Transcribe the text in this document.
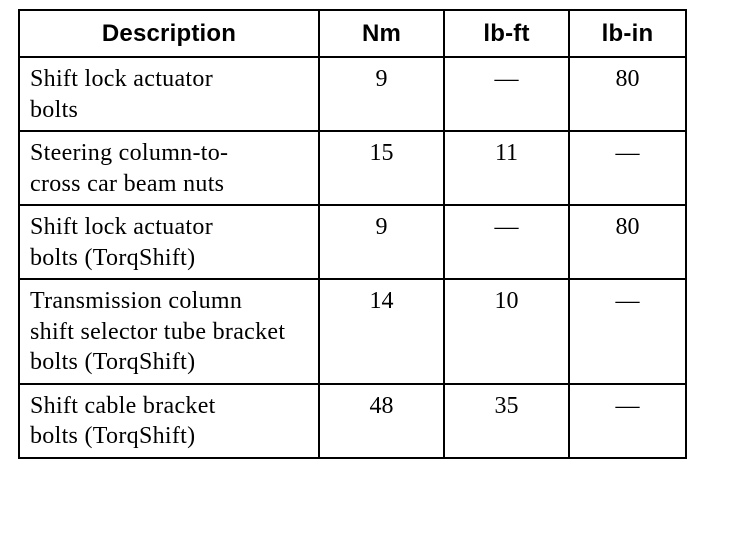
Description	Nm	lb-ft	lb-in

Shift lock actuator bolts	9	—	80

Steering column-to-cross car beam nuts	15	11	—

Shift lock actuator bolts (TorqShift)	9	—	80

Transmission column shift selector tube bracket bolts (TorqShift)	14	10	—

Shift cable bracket bolts (TorqShift)	48	35	—
